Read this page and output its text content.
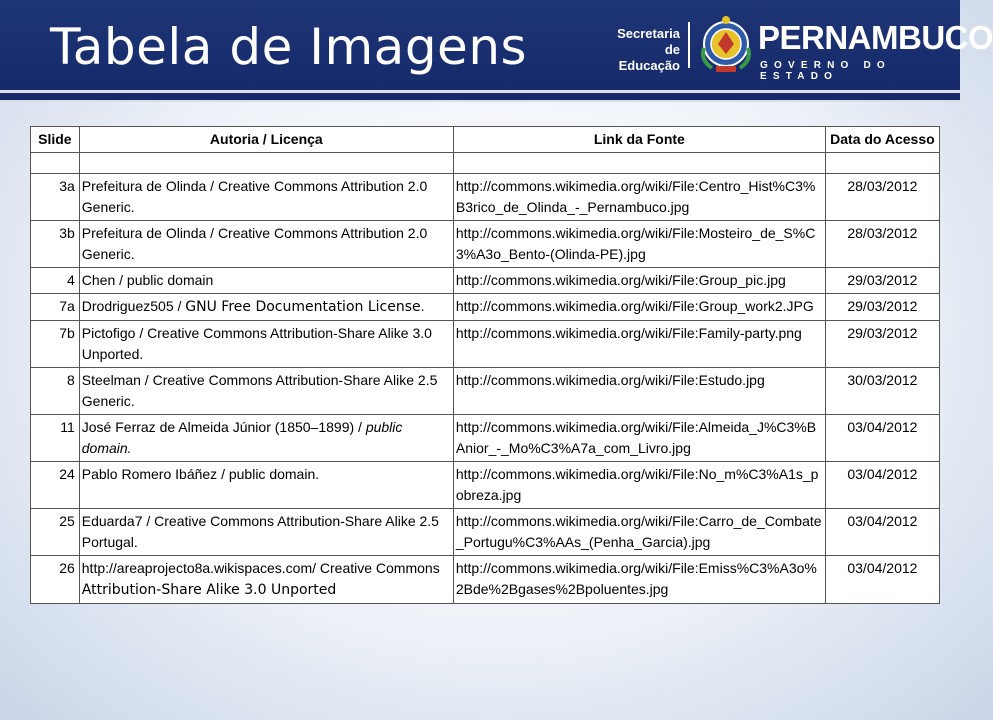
Tabela de Imagens	Secretaria de
Educação
PERNAMBUCO
GOVERNO DO ESTADO
Slide	Autoria / Licença	Link da Fonte	Data do Acesso

3a	Prefeitura de Olinda / Creative Commons Attribution 2.0 Generic.	http://commons.wikimedia.org/wiki/File:Centro_Hist%C3%B3rico_de_Olinda_-_Pernambuco.jpg	28/03/2012
3b	Prefeitura de Olinda / Creative Commons Attribution 2.0 Generic.	http://commons.wikimedia.org/wiki/File:Mosteiro_de_S%C3%A3o_Bento-(Olinda-PE).jpg	28/03/2012
4	Chen / public domain	http://commons.wikimedia.org/wiki/File:Group_pic.jpg	29/03/2012
7a	Drodriguez505 / GNU Free Documentation License.	http://commons.wikimedia.org/wiki/File:Group_work2.JPG	29/03/2012
7b	Pictofigo / Creative Commons Attribution-Share Alike 3.0 Unported.	http://commons.wikimedia.org/wiki/File:Family-party.png	29/03/2012
8	Steelman / Creative Commons Attribution-Share Alike 2.5 Generic.	http://commons.wikimedia.org/wiki/File:Estudo.jpg	30/03/2012
11	José Ferraz de Almeida Júnior (1850–1899) / public domain.	http://commons.wikimedia.org/wiki/File:Almeida_J%C3%BAnior_-_Mo%C3%A7a_com_Livro.jpg	03/04/2012
24	Pablo Romero Ibáñez / public domain.	http://commons.wikimedia.org/wiki/File:No_m%C3%A1s_pobreza.jpg	03/04/2012
25	Eduarda7 / Creative Commons Attribution-Share Alike 2.5 Portugal.	http://commons.wikimedia.org/wiki/File:Carro_de_Combate_Portugu%C3%AAs_(Penha_Garcia).jpg	03/04/2012
26	http://areaprojecto8a.wikispaces.com/ Creative Commons Attribution-Share Alike 3.0 Unported	http://commons.wikimedia.org/wiki/File:Emiss%C3%A3o%2Bde%2Bgases%2Bpoluentes.jpg	03/04/2012
